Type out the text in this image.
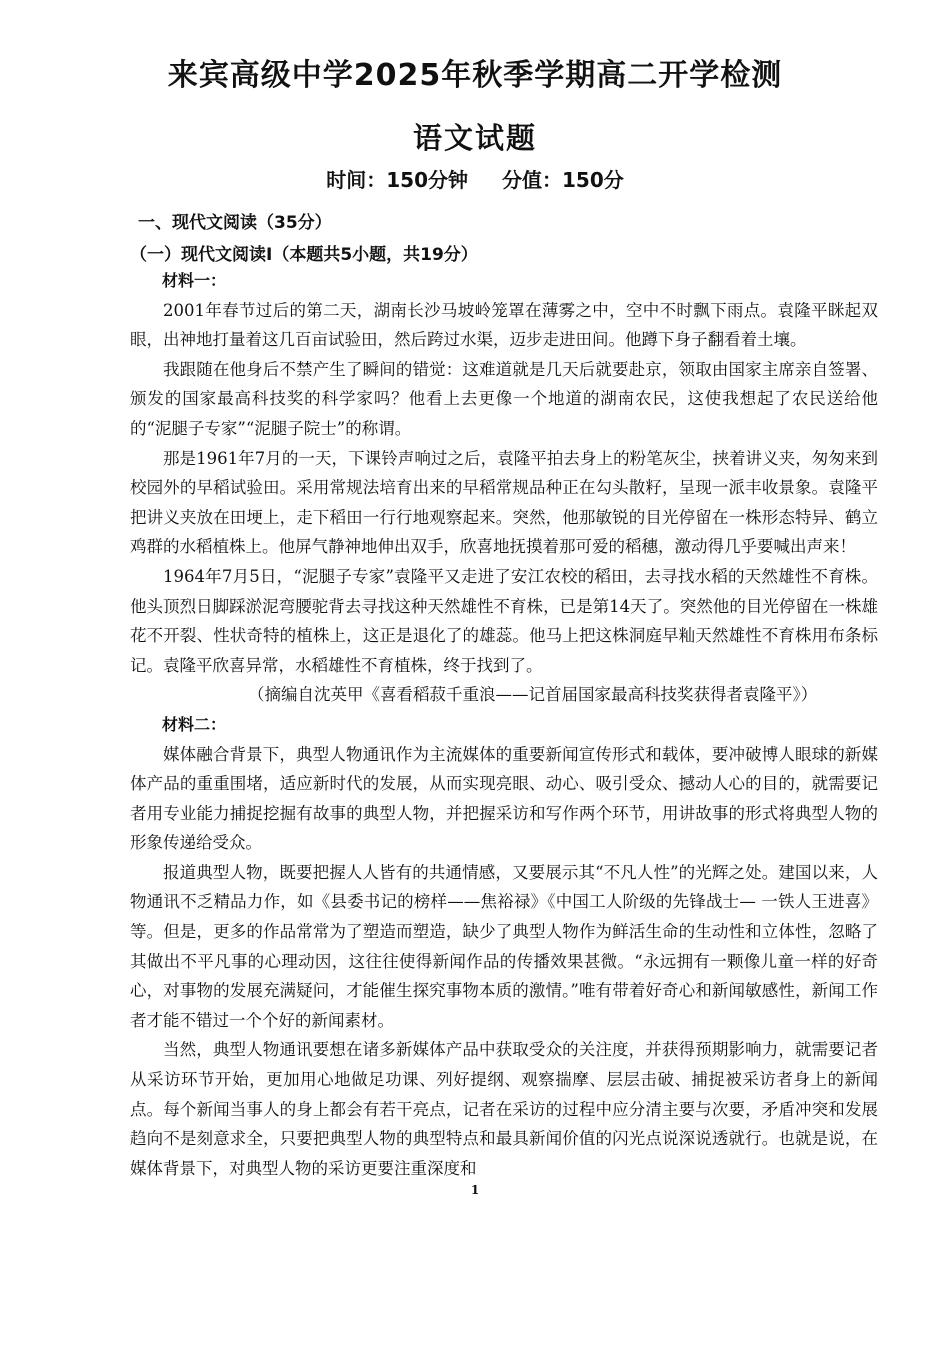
来宾高级中学2025年秋季学期高二开学检测
语文试题
时间：150分钟 分值：150分
一、现代文阅读（35分）
（一）现代文阅读Ⅰ（本题共5小题，共19分）

材料一：

2001年春节过后的第二天，湖南长沙马坡岭笼罩在薄雾之中，空中不时飘下雨点。袁隆平眯起双眼，出神地打量着这几百亩试验田，然后跨过水渠，迈步走进田间。他蹲下身子翻看着土壤。

我跟随在他身后不禁产生了瞬间的错觉：这难道就是几天后就要赴京，领取由国家主席亲自签署、颁发的国家最高科技奖的科学家吗？他看上去更像一个地道的湖南农民，这使我想起了农民送给他的“泥腿子专家”“泥腿子院士”的称谓。

那是1961年7月的一天，下课铃声响过之后，袁隆平拍去身上的粉笔灰尘，挟着讲义夹，匆匆来到校园外的早稻试验田。采用常规法培育出来的早稻常规品种正在勾头散籽，呈现一派丰收景象。袁隆平把讲义夹放在田埂上，走下稻田一行行地观察起来。突然，他那敏锐的目光停留在一株形态特异、鹤立鸡群的水稻植株上。他屏气静神地伸出双手，欣喜地抚摸着那可爱的稻穗，激动得几乎要喊出声来！

1964年7月5日，“泥腿子专家”袁隆平又走进了安江农校的稻田，去寻找水稻的天然雄性不育株。他头顶烈日脚踩淤泥弯腰驼背去寻找这种天然雄性不育株，已是第14天了。突然他的目光停留在一株雄花不开裂、性状奇特的植株上，这正是退化了的雄蕊。他马上把这株洞庭早籼天然雄性不育株用布条标记。袁隆平欣喜异常，水稻雄性不育植株，终于找到了。

（摘编自沈英甲《喜看稻菽千重浪——记首届国家最高科技奖获得者袁隆平》）

材料二：

媒体融合背景下，典型人物通讯作为主流媒体的重要新闻宣传形式和载体，要冲破博人眼球的新媒体产品的重重围堵，适应新时代的发展，从而实现亮眼、动心、吸引受众、撼动人心的目的，就需要记者用专业能力捕捉挖掘有故事的典型人物，并把握采访和写作两个环节，用讲故事的形式将典型人物的形象传递给受众。

报道典型人物，既要把握人人皆有的共通情感，又要展示其“不凡人性”的光辉之处。建国以来，人物通讯不乏精品力作，如《县委书记的榜样——焦裕禄》《中国工人阶级的先锋战士— 一铁人王进喜》等。但是，更多的作品常常为了塑造而塑造，缺少了典型人物作为鲜活生命的生动性和立体性，忽略了其做出不平凡事的心理动因，这往往使得新闻作品的传播效果甚微。“永远拥有一颗像儿童一样的好奇心，对事物的发展充满疑问，才能催生探究事物本质的激情。”唯有带着好奇心和新闻敏感性，新闻工作者才能不错过一个个好的新闻素材。

当然，典型人物通讯要想在诸多新媒体产品中获取受众的关注度，并获得预期影响力，就需要记者从采访环节开始，更加用心地做足功课、列好提纲、观察揣摩、层层击破、捕捉被采访者身上的新闻点。每个新闻当事人的身上都会有若干亮点，记者在采访的过程中应分清主要与次要，矛盾冲突和发展趋向不是刻意求全，只要把典型人物的典型特点和最具新闻价值的闪光点说深说透就行。也就是说，在媒体背景下，对典型人物的采访更要注重深度和

1
